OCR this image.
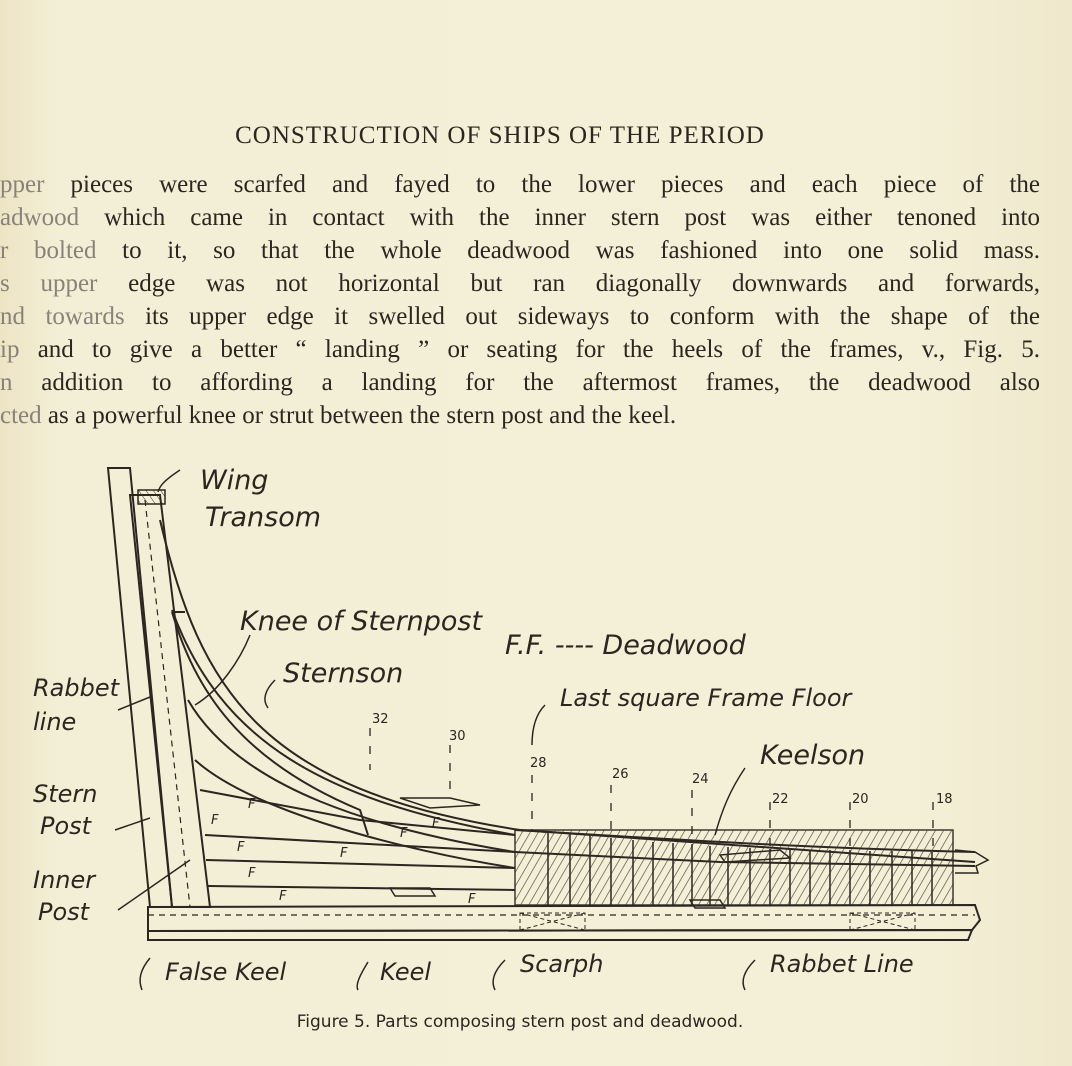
CONSTRUCTION OF SHIPS OF THE PERIOD
pper pieces were scarfed and fayed to the lower pieces and each piece of the
adwood which came in contact with the inner stern post was either tenoned into
r bolted to it, so that the whole deadwood was fashioned into one solid mass.
s upper edge was not horizontal but ran diagonally downwards and forwards,
nd towards its upper edge it swelled out sideways to conform with the shape of the
ip and to give a better “ landing ” or seating for the heels of the frames, v., Fig. 5.
n addition to affording a landing for the aftermost frames, the deadwood also
cted as a powerful knee or strut between the stern post and the keel.
Wing
Transom
Knee of Sternpost
Sternson
F.F. ---- Deadwood
Last square Frame Floor
Keelson
Rabbet
line
Stern
Post
Inner
Post
False Keel	Keel	Scarph	Rabbet Line
32
30
28
26	24
22	20	18
F
F
F
F
F
F
F
F
F
Figure 5. Parts composing stern post and deadwood.
